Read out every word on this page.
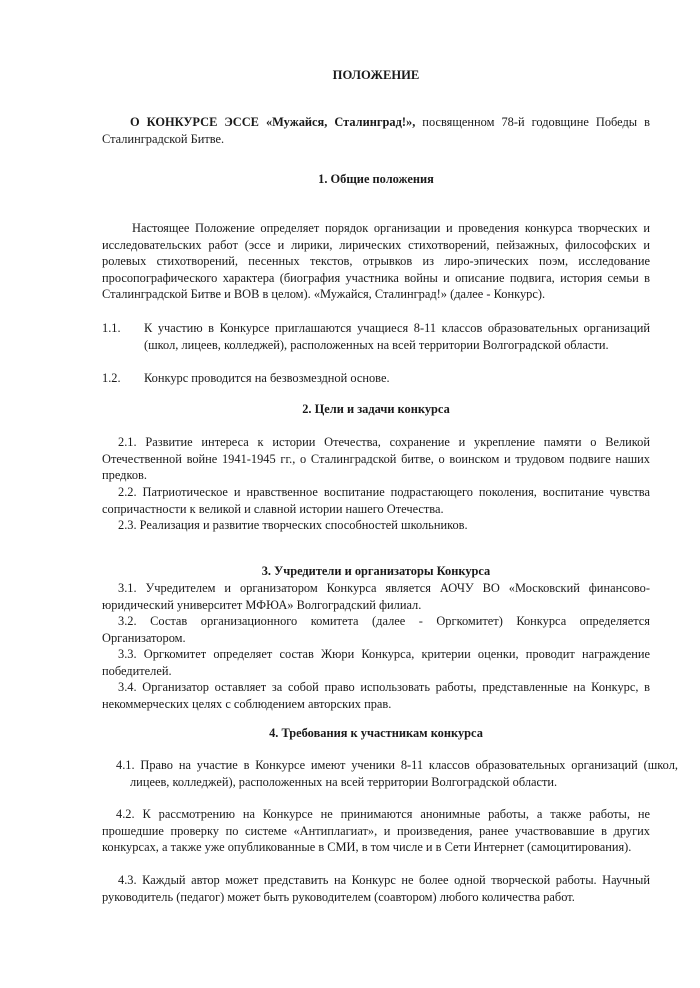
ПОЛОЖЕНИЕ
О КОНКУРСЕ ЭССЕ «Мужайся, Сталинград!», посвященном 78-й годовщине Победы в Сталинградской Битве.
1. Общие положения
Настоящее Положение определяет порядок организации и проведения конкурса творческих и исследовательских работ (эссе и лирики, лирических стихотворений, пейзажных, философских и ролевых стихотворений, песенных текстов, отрывков из лиро-эпических поэм, исследование просопографического характера (биография участника войны и описание подвига, история семьи в Сталинградской Битве и ВОВ в целом). «Мужайся, Сталинград!» (далее - Конкурс).
1.1.	К участию в Конкурсе приглашаются учащиеся 8-11 классов образовательных организаций (школ, лицеев, колледжей), расположенных на всей территории Волгоградской области.
1.2.	Конкурс проводится на безвозмездной основе.
2. Цели и задачи конкурса
2.1. Развитие интереса к истории Отечества, сохранение и укрепление памяти о Великой Отечественной войне 1941-1945 гг., о Сталинградской битве, о воинском и трудовом подвиге наших предков.
2.2. Патриотическое и нравственное воспитание подрастающего поколения, воспитание чувства сопричастности к великой и славной истории нашего Отечества.
2.3. Реализация и развитие творческих способностей школьников.
3. Учредители и организаторы Конкурса
3.1. Учредителем и организатором Конкурса является АОЧУ ВО «Московский финансово-юридический университет МФЮА» Волгоградский филиал.
3.2. Состав организационного комитета (далее - Оргкомитет) Конкурса определяется Организатором.
3.3. Оргкомитет определяет состав Жюри Конкурса, критерии оценки, проводит награждение победителей.
3.4. Организатор оставляет за собой право использовать работы, представленные на Конкурс, в некоммерческих целях с соблюдением авторских прав.
4. Требования к участникам конкурса
4.1. Право на участие в Конкурсе имеют ученики 8-11 классов образовательных организаций (школ, лицеев, колледжей), расположенных на всей территории Волгоградской области.
4.2. К рассмотрению на Конкурсе не принимаются анонимные работы, а также работы, не прошедшие проверку по системе «Антиплагиат», и произведения, ранее участвовавшие в других конкурсах, а также уже опубликованные в СМИ, в том числе и в Сети Интернет (самоцитирования).
4.3. Каждый автор может представить на Конкурс не более одной творческой работы. Научный руководитель (педагог) может быть руководителем (соавтором) любого количества работ.
